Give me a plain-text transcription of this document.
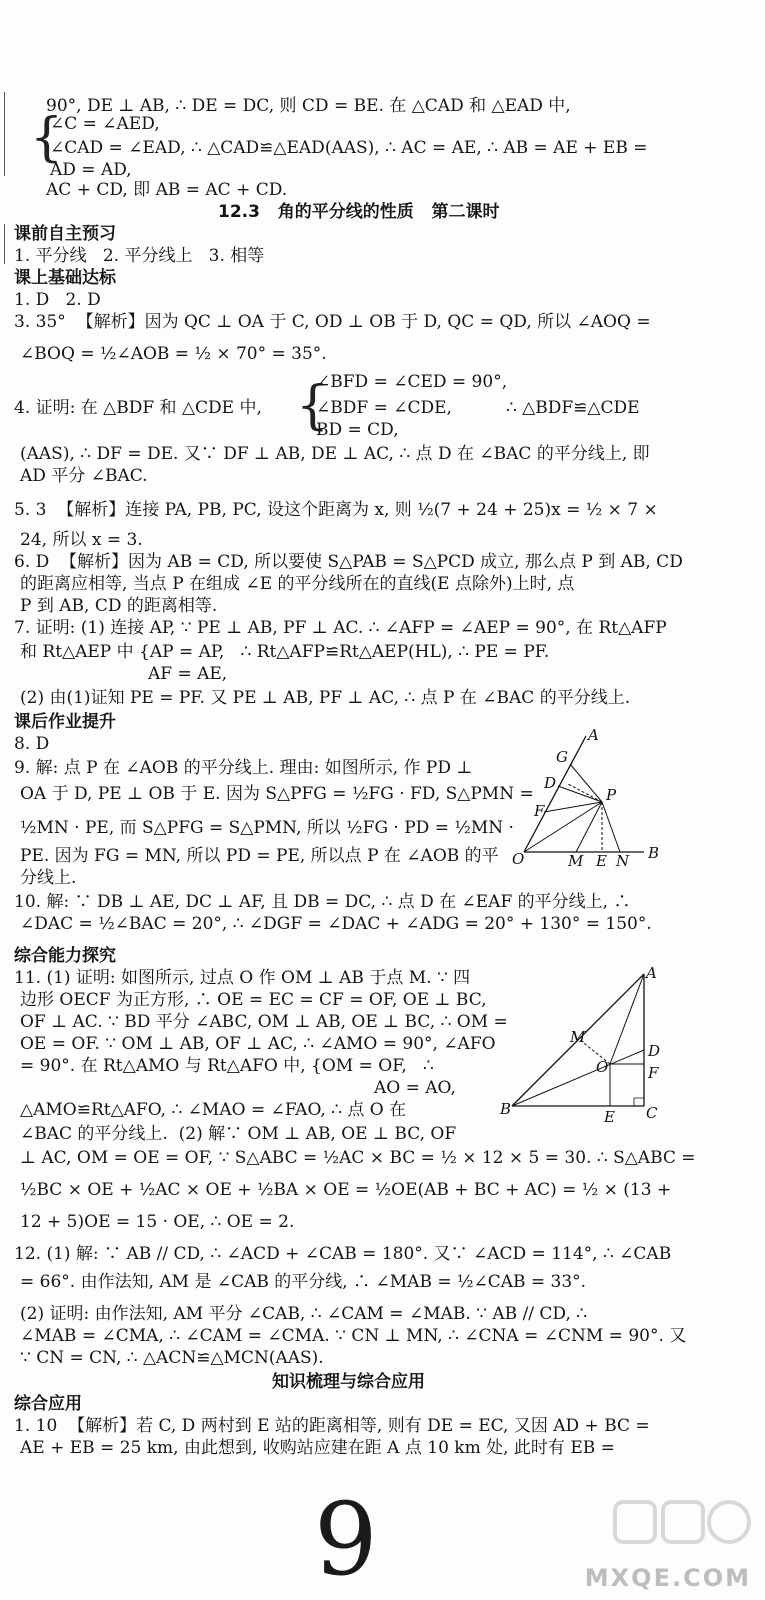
90°, DE ⊥ AB, ∴ DE = DC, 则 CD = BE. 在 △CAD 和 △EAD 中,
{
∠C = ∠AED,
∠CAD = ∠EAD, ∴ △CAD≌△EAD(AAS), ∴ AC = AE, ∴ AB = AE + EB =
AD = AD,
AC + CD, 即 AB = AC + CD.
12.3   角的平分线的性质   第二课时
课前自主预习
1. 平分线   2. 平分线上   3. 相等
课上基础达标
1. D   2. D
3. 35°  【解析】因为 QC ⊥ OA 于 C, OD ⊥ OB 于 D, QC = QD, 所以 ∠AOQ =
∠BOQ = ½∠AOB = ½ × 70° = 35°.
∠BFD = ∠CED = 90°,
{
4. 证明: 在 △BDF 和 △CDE 中,	∠BDF = ∠CDE,          ∴ △BDF≌△CDE
BD = CD,
(AAS), ∴ DF = DE. 又∵ DF ⊥ AB, DE ⊥ AC, ∴ 点 D 在 ∠BAC 的平分线上, 即
AD 平分 ∠BAC.
5. 3  【解析】连接 PA, PB, PC, 设这个距离为 x, 则 ½(7 + 24 + 25)x = ½ × 7 ×
24, 所以 x = 3.
6. D  【解析】因为 AB = CD, 所以要使 S△PAB = S△PCD 成立, 那么点 P 到 AB, CD
的距离应相等, 当点 P 在组成 ∠E 的平分线所在的直线(E 点除外)上时, 点
P 到 AB, CD 的距离相等.
7. 证明: (1) 连接 AP, ∵ PE ⊥ AB, PF ⊥ AC. ∴ ∠AFP = ∠AEP = 90°, 在 Rt△AFP
和 Rt△AEP 中 {AP = AP,   ∴ Rt△AFP≌Rt△AEP(HL), ∴ PE = PF.
AF = AE,
(2) 由(1)证知 PE = PF. 又 PE ⊥ AB, PF ⊥ AC, ∴ 点 P 在 ∠BAC 的平分线上.
课后作业提升
8. D
9. 解: 点 P 在 ∠AOB 的平分线上. 理由: 如图所示, 作 PD ⊥
OA 于 D, PE ⊥ OB 于 E. 因为 S△PFG = ½FG · FD, S△PMN =
½MN · PE, 而 S△PFG = S△PMN, 所以 ½FG · PD = ½MN ·
PE. 因为 FG = MN, 所以 PD = PE, 所以点 P 在 ∠AOB 的平
分线上.
A
G
D
F
P
O	M E N B
10. 解: ∵ DB ⊥ AE, DC ⊥ AF, 且 DB = DC, ∴ 点 D 在 ∠EAF 的平分线上, ∴
∠DAC = ½∠BAC = 20°, ∴ ∠DGF = ∠DAC + ∠ADG = 20° + 130° = 150°.
综合能力探究
11. (1) 证明: 如图所示, 过点 O 作 OM ⊥ AB 于点 M. ∵ 四
边形 OECF 为正方形, ∴ OE = EC = CF = OF, OE ⊥ BC,
OF ⊥ AC. ∵ BD 平分 ∠ABC, OM ⊥ AB, OE ⊥ BC, ∴ OM =
OE = OF. ∵ OM ⊥ AB, OF ⊥ AC, ∴ ∠AMO = 90°, ∠AFO
= 90°. 在 Rt△AMO 与 Rt△AFO 中, {OM = OF,   ∴
AO = AO,
△AMO≌Rt△AFO, ∴ ∠MAO = ∠FAO, ∴ 点 O 在
∠BAC 的平分线上.  (2) 解∵ OM ⊥ AB, OE ⊥ BC, OF
⊥ AC, OM = OE = OF, ∵ S△ABC = ½AC × BC = ½ × 12 × 5 = 30. ∴ S△ABC =
½BC × OE + ½AC × OE + ½BA × OE = ½OE(AB + BC + AC) = ½ × (13 +
12 + 5)OE = 15 · OE, ∴ OE = 2.
A
M
D
O	F
B	E C
12. (1) 解: ∵ AB // CD, ∴ ∠ACD + ∠CAB = 180°. 又∵ ∠ACD = 114°, ∴ ∠CAB
= 66°. 由作法知, AM 是 ∠CAB 的平分线, ∴ ∠MAB = ½∠CAB = 33°.
(2) 证明: 由作法知, AM 平分 ∠CAB, ∴ ∠CAM = ∠MAB. ∵ AB // CD, ∴
∠MAB = ∠CMA, ∴ ∠CAM = ∠CMA. ∵ CN ⊥ MN, ∴ ∠CNA = ∠CNM = 90°. 又
∵ CN = CN, ∴ △ACN≌△MCN(AAS).
知识梳理与综合应用
综合应用
1. 10  【解析】若 C, D 两村到 E 站的距离相等, 则有 DE = EC, 又因 AD + BC =
AE + EB = 25 km, 由此想到, 收购站应建在距 A 点 10 km 处, 此时有 EB =
9	MXQE.COM
